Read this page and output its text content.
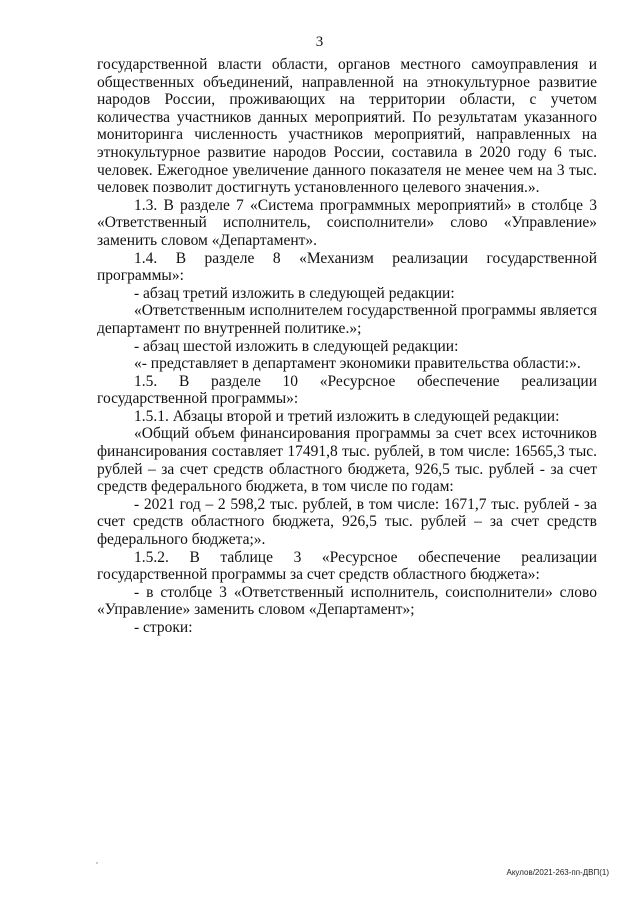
3

государственной власти области, органов местного самоуправления и общественных объединений, направленной на этнокультурное развитие народов России, проживающих на территории области, с учетом количества участников данных мероприятий. По результатам указанного мониторинга численность участников мероприятий, направленных на этнокультурное развитие народов России, составила в 2020 году 6 тыс. человек. Ежегодное увеличение данного показателя не менее чем на 3 тыс. человек позволит достигнуть установленного целевого значения.».

1.3. В разделе 7 «Система программных мероприятий» в столбце 3 «Ответственный исполнитель, соисполнители» слово «Управление» заменить словом «Департамент».

1.4. В разделе 8 «Механизм реализации государственной программы»:

- абзац третий изложить в следующей редакции:

«Ответственным исполнителем государственной программы является департамент по внутренней политике.»;

- абзац шестой изложить в следующей редакции:

«- представляет в департамент экономики правительства области:».

1.5. В разделе 10 «Ресурсное обеспечение реализации государственной программы»:

1.5.1. Абзацы второй и третий изложить в следующей редакции:

«Общий объем финансирования программы за счет всех источников финансирования составляет 17491,8 тыс. рублей, в том числе: 16565,3 тыс. рублей – за счет средств областного бюджета, 926,5 тыс. рублей - за счет средств федерального бюджета, в том числе по годам:

- 2021 год – 2 598,2 тыс. рублей, в том числе: 1671,7 тыс. рублей - за счет средств областного бюджета, 926,5 тыс. рублей – за счет средств федерального бюджета;».

1.5.2. В таблице 3 «Ресурсное обеспечение реализации государственной программы за счет средств областного бюджета»:

- в столбце 3 «Ответственный исполнитель, соисполнители» слово «Управление» заменить словом «Департамент»;

- строки:

Акулов/2021-263-пп-ДВП(1)
